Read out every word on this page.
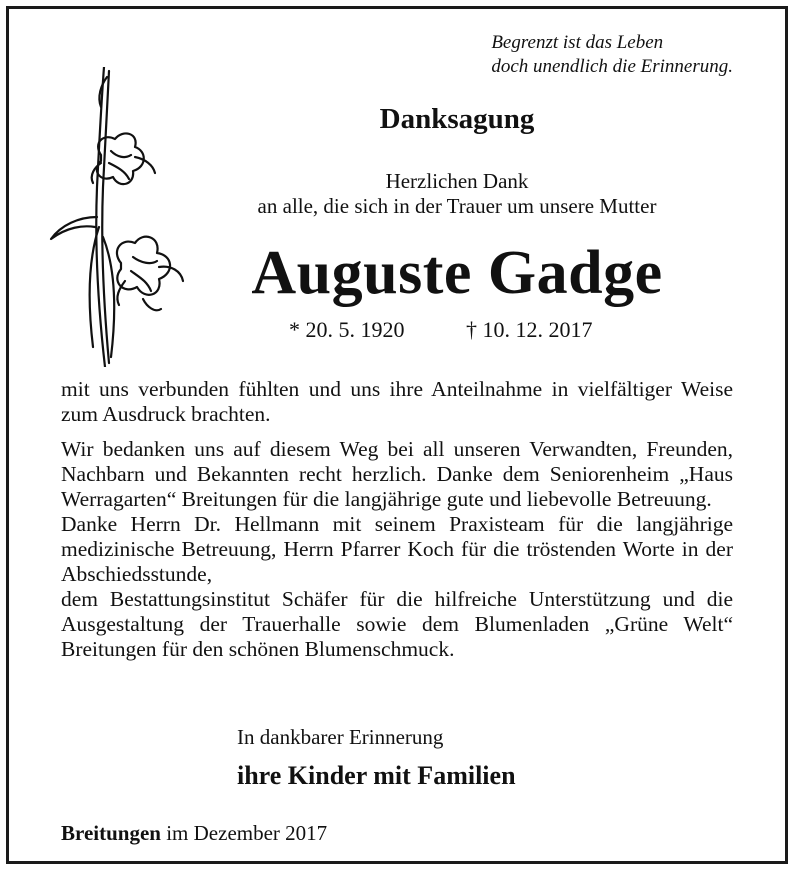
Begrenzt ist das Leben
doch unendlich die Erinnerung.
Danksagung
Herzlichen Dank
an alle, die sich in der Trauer um unsere Mutter
Auguste Gadge
* 20. 5. 1920	† 10. 12. 2017

mit uns verbunden fühlten und uns ihre Anteilnahme in vielfältiger Weise zum Ausdruck brachten.

Wir bedanken uns auf diesem Weg bei all unseren Verwandten, Freunden, Nachbarn und Bekannten recht herzlich. Danke dem Seniorenheim „Haus Werragarten“ Breitungen für die langjährige gute und liebevolle Betreuung.

Danke Herrn Dr. Hellmann mit seinem Praxisteam für die langjährige medizinische Betreuung, Herrn Pfarrer Koch für die tröstenden Worte in der Abschiedsstunde,

dem Bestattungsinstitut Schäfer für die hilfreiche Unterstützung und die Ausgestaltung der Trauerhalle sowie dem Blumenladen „Grüne Welt“ Breitungen für den schönen Blumenschmuck.

In dankbarer Erinnerung
ihre Kinder mit Familien
Breitungen im Dezember 2017
